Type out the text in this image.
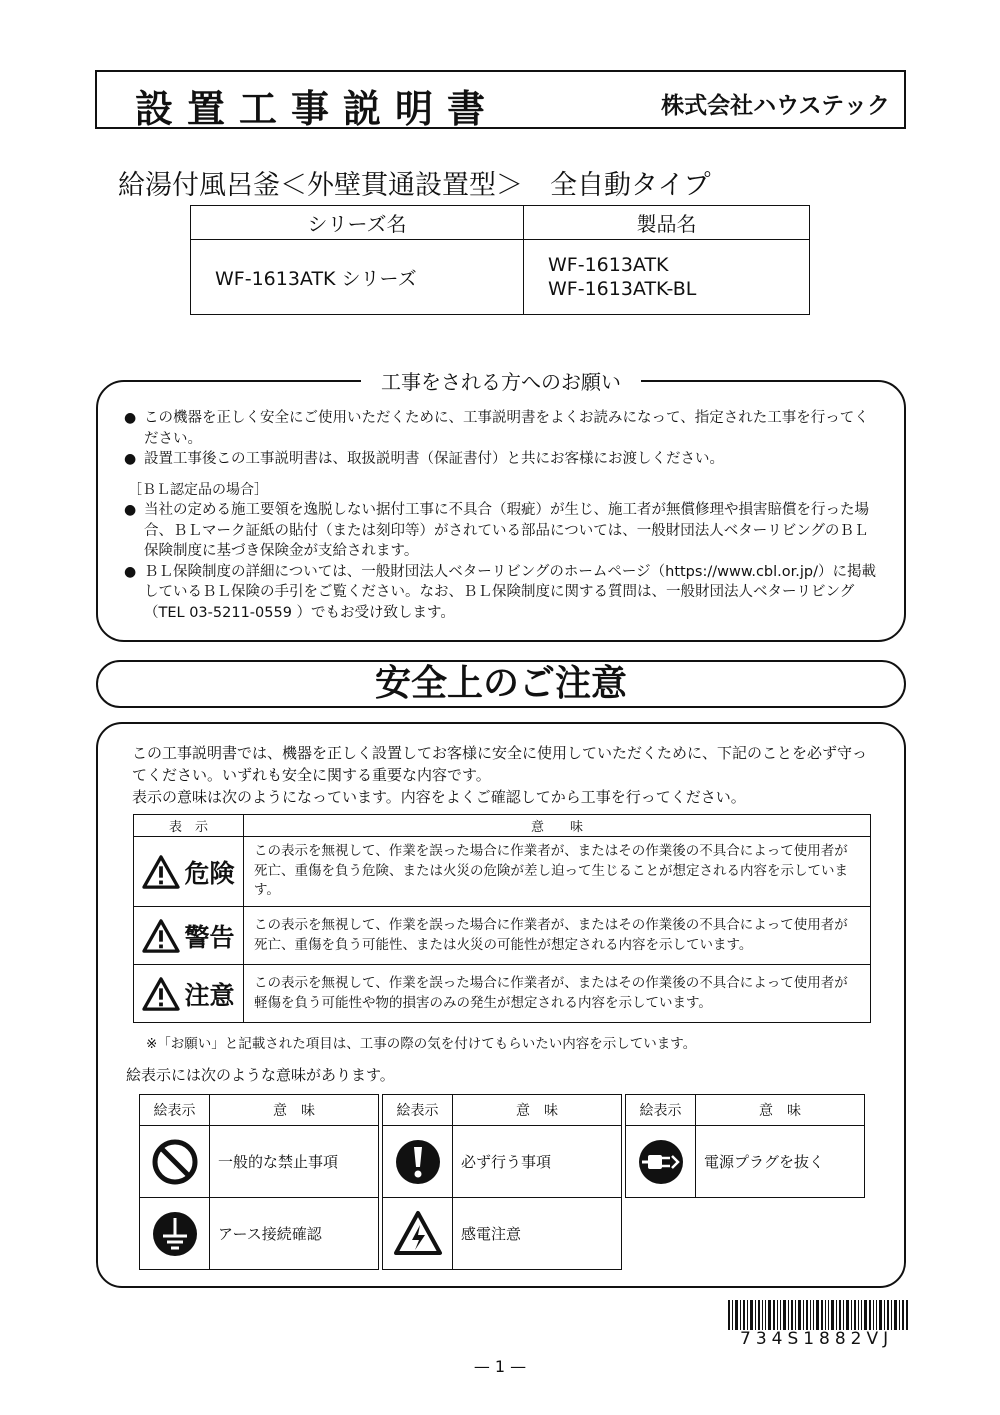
設置工事説明書	株式会社ハウステック
給湯付風呂釜＜外壁貫通設置型＞　全自動タイプ
シリーズ名	製品名
WF-1613ATK シリーズ	WF-1613ATK
WF-1613ATK-BL
工事をされる方へのお願い
● この機器を正しく安全にご使用いただくために、工事説明書をよくお読みになって、指定された工事を行ってください。
● 設置工事後この工事説明書は、取扱説明書（保証書付）と共にお客様にお渡しください。
［ＢＬ認定品の場合］
● 当社の定める施工要領を逸脱しない据付工事に不具合（瑕疵）が生じ、施工者が無償修理や損害賠償を行った場合、ＢＬマーク証紙の貼付（または刻印等）がされている部品については、一般財団法人ベターリビングのＢＬ保険制度に基づき保険金が支給されます。
● ＢＬ保険制度の詳細については、一般財団法人ベターリビングのホームページ（https://www.cbl.or.jp/）に掲載しているＢＬ保険の手引をご覧ください。なお、ＢＬ保険制度に関する質問は、一般財団法人ベターリビング（TEL 03-5211-0559 ）でもお受け致します。
安全上のご注意
この工事説明書では、機器を正しく設置してお客様に安全に使用していただくために、下記のことを必ず守ってください。いずれも安全に関する重要な内容です。
表示の意味は次のようになっています。内容をよくご確認してから工事を行ってください。
表　示	意　　味

危険	この表示を無視して、作業を誤った場合に作業者が、またはその作業後の不具合によって使用者が死亡、重傷を負う危険、または火災の危険が差し迫って生じることが想定される内容を示しています。

警告	この表示を無視して、作業を誤った場合に作業者が、またはその作業後の不具合によって使用者が死亡、重傷を負う可能性、または火災の可能性が想定される内容を示しています。

注意	この表示を無視して、作業を誤った場合に作業者が、またはその作業後の不具合によって使用者が軽傷を負う可能性や物的損害のみの発生が想定される内容を示しています。
※「お願い」と記載された項目は、工事の際の気を付けてもらいたい内容を示しています。
絵表示には次のような意味があります。
絵表示	意　味
	一般的な禁止事項
	アース接続確認
絵表示	意　味
	必ず行う事項
	感電注意
絵表示	意　味
	電源プラグを抜く

734S1882VJ
— 1 —
